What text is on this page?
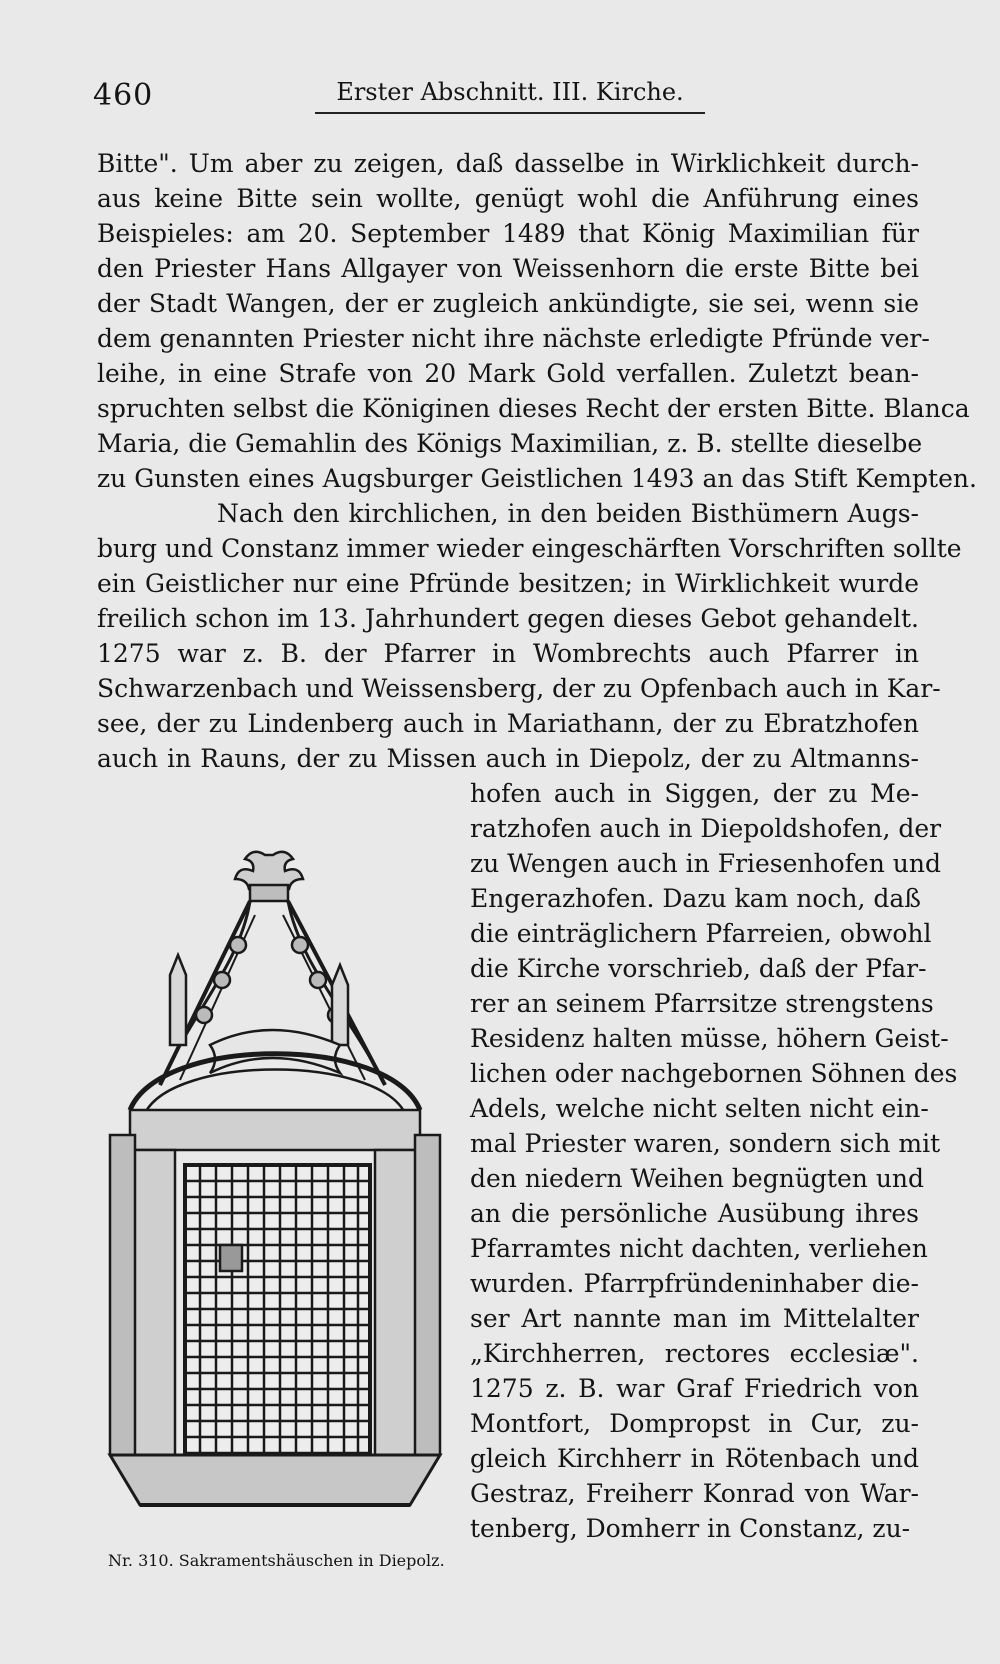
460	Erster Abschnitt. III. Kirche.
Bitte". Um aber zu zeigen, daß dasselbe in Wirklichkeit durch-
aus keine Bitte sein wollte, genügt wohl die Anführung eines
Beispieles: am 20. September 1489 that König Maximilian für
den Priester Hans Allgayer von Weissenhorn die erste Bitte bei
der Stadt Wangen, der er zugleich ankündigte, sie sei, wenn sie
dem genannten Priester nicht ihre nächste erledigte Pfründe ver-
leihe, in eine Strafe von 20 Mark Gold verfallen. Zuletzt bean-
spruchten selbst die Königinen dieses Recht der ersten Bitte. Blanca
Maria, die Gemahlin des Königs Maximilian, z. B. stellte dieselbe
zu Gunsten eines Augsburger Geistlichen 1493 an das Stift Kempten.
Nach den kirchlichen, in den beiden Bisthümern Augs-
burg und Constanz immer wieder eingeschärften Vorschriften sollte
ein Geistlicher nur eine Pfründe besitzen; in Wirklichkeit wurde
freilich schon im 13. Jahrhundert gegen dieses Gebot gehandelt.
1275 war z. B. der Pfarrer in Wombrechts auch Pfarrer in
Schwarzenbach und Weissensberg, der zu Opfenbach auch in Kar-
see, der zu Lindenberg auch in Mariathann, der zu Ebratzhofen
auch in Rauns, der zu Missen auch in Diepolz, der zu Altmanns-
hofen auch in Siggen, der zu Me-
ratzhofen auch in Diepoldshofen, der
zu Wengen auch in Friesenhofen und
Engerazhofen. Dazu kam noch, daß
die einträglichern Pfarreien, obwohl
die Kirche vorschrieb, daß der Pfar-
rer an seinem Pfarrsitze strengstens
Residenz halten müsse, höhern Geist-
lichen oder nachgebornen Söhnen des
Adels, welche nicht selten nicht ein-
mal Priester waren, sondern sich mit
den niedern Weihen begnügten und
an die persönliche Ausübung ihres
Pfarramtes nicht dachten, verliehen
wurden. Pfarrpfründeninhaber die-
ser Art nannte man im Mittelalter
„Kirchherren, rectores ecclesiæ".
1275 z. B. war Graf Friedrich von
Montfort, Dompropst in Cur, zu-
gleich Kirchherr in Rötenbach und
Gestraz, Freiherr Konrad von War-
tenberg, Domherr in Constanz, zu-
Nr. 310. Sakramentshäuschen in Diepolz.
